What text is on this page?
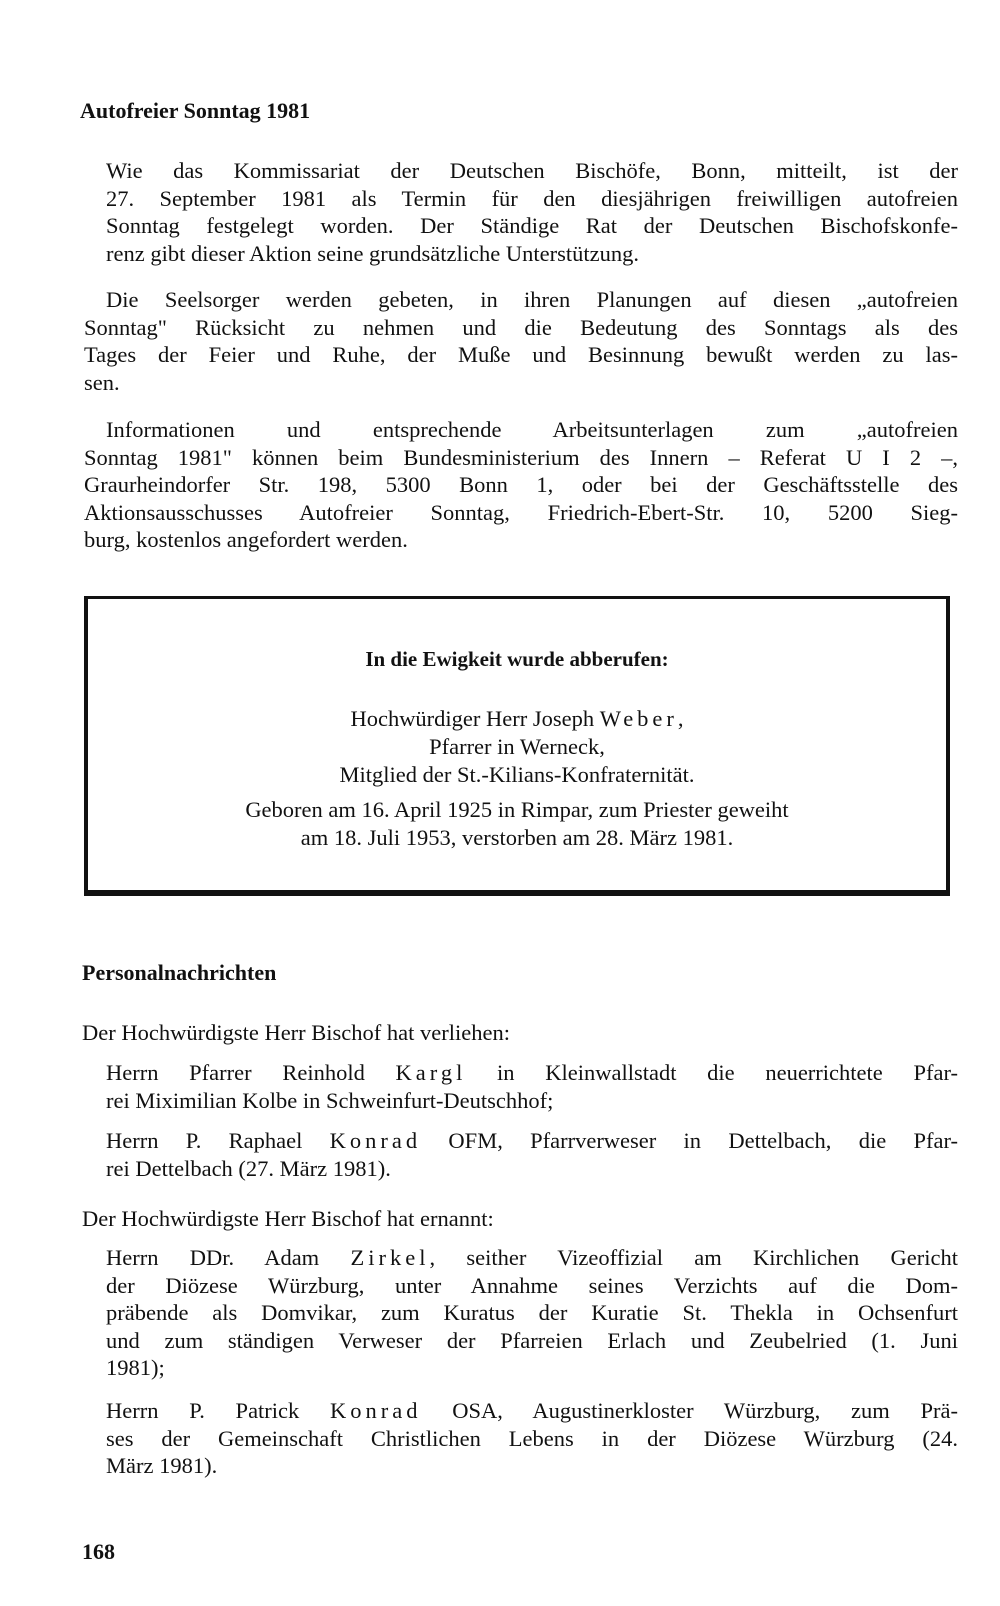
Autofreier Sonntag 1981
Wie das Kommissariat der Deutschen Bischöfe, Bonn, mitteilt, ist der
27. September 1981 als Termin für den diesjährigen freiwilligen autofreien
Sonntag festgelegt worden. Der Ständige Rat der Deutschen Bischofskonfe-
renz gibt dieser Aktion seine grundsätzliche Unterstützung.
Die Seelsorger werden gebeten, in ihren Planungen auf diesen „autofreien
Sonntag" Rücksicht zu nehmen und die Bedeutung des Sonntags als des
Tages der Feier und Ruhe, der Muße und Besinnung bewußt werden zu las-
sen.
Informationen und entsprechende Arbeitsunterlagen zum „autofreien
Sonntag 1981" können beim Bundesministerium des Innern – Referat U I 2 –,
Graurheindorfer Str. 198, 5300 Bonn 1, oder bei der Geschäftsstelle des
Aktionsausschusses Autofreier Sonntag, Friedrich-Ebert-Str. 10, 5200 Sieg-
burg, kostenlos angefordert werden.
In die Ewigkeit wurde abberufen:
Hochwürdiger Herr Joseph Weber,
Pfarrer in Werneck,
Mitglied der St.-Kilians-Konfraternität.
Geboren am 16. April 1925 in Rimpar, zum Priester geweiht
am 18. Juli 1953, verstorben am 28. März 1981.
Personalnachrichten
Der Hochwürdigste Herr Bischof hat verliehen:
Herrn Pfarrer Reinhold Kargl in Kleinwallstadt die neuerrichtete Pfar-
rei Miximilian Kolbe in Schweinfurt-Deutschhof;
Herrn P. Raphael Konrad OFM, Pfarrverweser in Dettelbach, die Pfar-
rei Dettelbach (27. März 1981).
Der Hochwürdigste Herr Bischof hat ernannt:
Herrn DDr. Adam Zirkel, seither Vizeoffizial am Kirchlichen Gericht
der Diözese Würzburg, unter Annahme seines Verzichts auf die Dom-
präbende als Domvikar, zum Kuratus der Kuratie St. Thekla in Ochsenfurt
und zum ständigen Verweser der Pfarreien Erlach und Zeubelried (1. Juni
1981);
Herrn P. Patrick Konrad OSA, Augustinerkloster Würzburg, zum Prä-
ses der Gemeinschaft Christlichen Lebens in der Diözese Würzburg (24.
März 1981).
168
